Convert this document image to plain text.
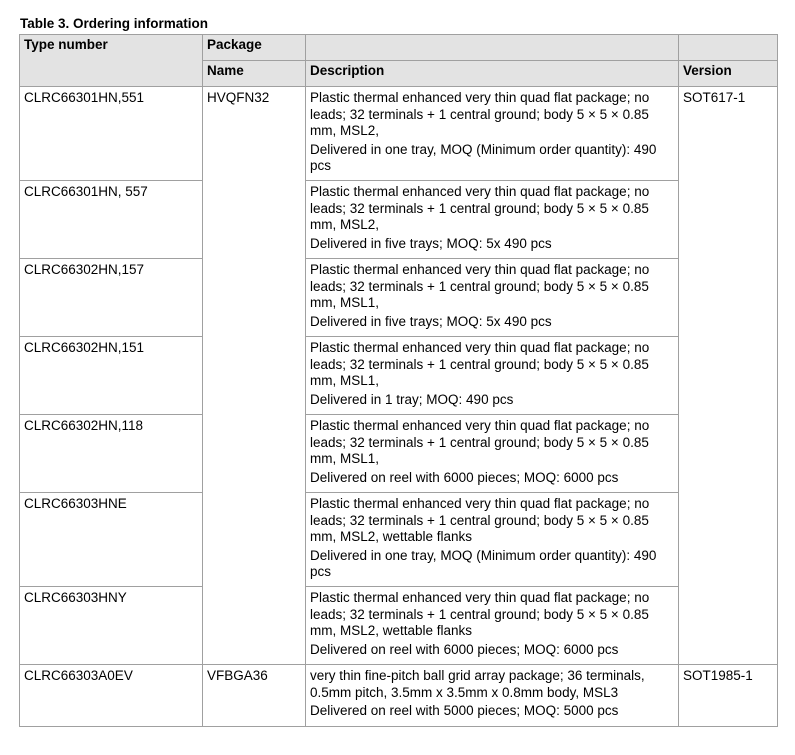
Table 3. Ordering information
Type number	Package		
	Name	Description	Version
CLRC66301HN,551	HVQFN32	Plastic thermal enhanced very thin quad flat package; no leads; 32 terminals + 1 central ground; body 5 × 5 × 0.85 mm, MSL2,
Delivered in one tray, MOQ (Minimum order quantity): 490 pcs	SOT617-1
CLRC66301HN, 557		Plastic thermal enhanced very thin quad flat package; no leads; 32 terminals + 1 central ground; body 5 × 5 × 0.85 mm, MSL2,
Delivered in five trays; MOQ: 5x 490 pcs	

CLRC66302HN,157		Plastic thermal enhanced very thin quad flat package; no leads; 32 terminals + 1 central ground; body 5 × 5 × 0.85 mm, MSL1,
Delivered in five trays; MOQ: 5x 490 pcs	

CLRC66302HN,151		Plastic thermal enhanced very thin quad flat package; no leads; 32 terminals + 1 central ground; body 5 × 5 × 0.85 mm, MSL1,
Delivered in 1 tray; MOQ: 490 pcs	

CLRC66302HN,118		Plastic thermal enhanced very thin quad flat package; no leads; 32 terminals + 1 central ground; body 5 × 5 × 0.85 mm, MSL1,
Delivered on reel with 6000 pieces; MOQ: 6000 pcs	

CLRC66303HNE		Plastic thermal enhanced very thin quad flat package; no leads; 32 terminals + 1 central ground; body 5 × 5 × 0.85 mm, MSL2, wettable flanks
Delivered in one tray, MOQ (Minimum order quantity): 490 pcs	

CLRC66303HNY		Plastic thermal enhanced very thin quad flat package; no leads; 32 terminals + 1 central ground; body 5 × 5 × 0.85 mm, MSL2, wettable flanks
Delivered on reel with 6000 pieces; MOQ: 6000 pcs	

CLRC66303A0EV	VFBGA36	very thin fine-pitch ball grid array package; 36 terminals, 0.5mm pitch, 3.5mm x 3.5mm x 0.8mm body, MSL3
Delivered on reel with 5000 pieces; MOQ: 5000 pcs	SOT1985-1
